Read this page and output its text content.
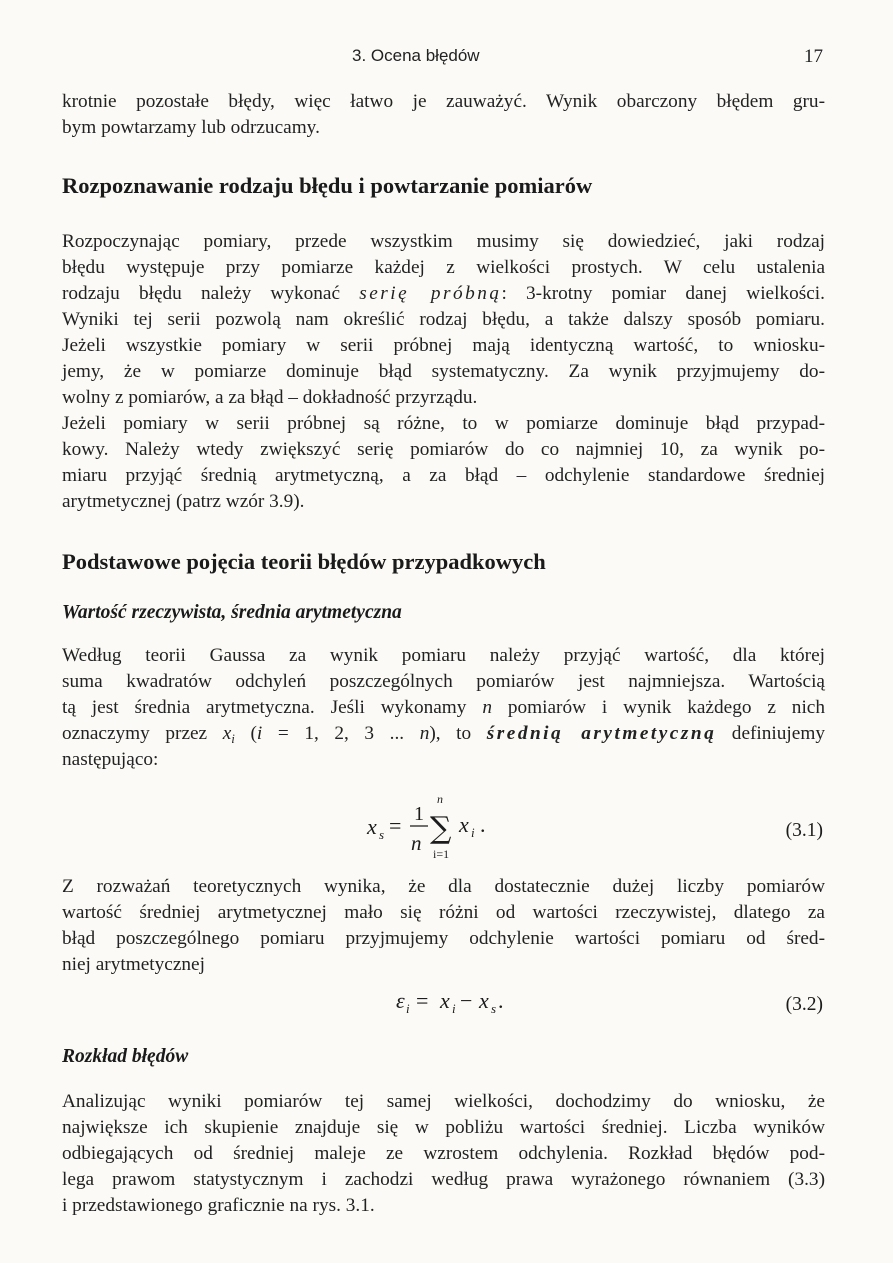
3. Ocena błędów	17
krotnie pozostałe błędy, więc łatwo je zauważyć. Wynik obarczony błędem gru-
bym powtarzamy lub odrzucamy.
Rozpoznawanie rodzaju błędu i powtarzanie pomiarów
Rozpoczynając pomiary, przede wszystkim musimy się dowiedzieć, jaki rodzaj
błędu występuje przy pomiarze każdej z wielkości prostych. W celu ustalenia
rodzaju błędu należy wykonać serię próbną: 3-krotny pomiar danej wielkości.
Wyniki tej serii pozwolą nam określić rodzaj błędu, a także dalszy sposób pomiaru.
Jeżeli wszystkie pomiary w serii próbnej mają identyczną wartość, to wniosku-
jemy, że w pomiarze dominuje błąd systematyczny. Za wynik przyjmujemy do-
wolny z pomiarów, a za błąd – dokładność przyrządu.
Jeżeli pomiary w serii próbnej są różne, to w pomiarze dominuje błąd przypad-
kowy. Należy wtedy zwiększyć serię pomiarów do co najmniej 10, za wynik po-
miaru przyjąć średnią arytmetyczną, a za błąd – odchylenie standardowe średniej
arytmetycznej (patrz wzór 3.9).
Podstawowe pojęcia teorii błędów przypadkowych
Wartość rzeczywista, średnia arytmetyczna
Według teorii Gaussa za wynik pomiaru należy przyjąć wartość, dla której
suma kwadratów odchyleń poszczególnych pomiarów jest najmniejsza. Wartością
tą jest średnia arytmetyczna. Jeśli wykonamy n pomiarów i wynik każdego z nich
oznaczymy przez $x_i$ (i = 1, 2, 3 ... n), to średnią arytmetyczną definiujemy
następująco:
x s = 1
n
n
∑
i=1
x i .	(3.1)
Z rozważań teoretycznych wynika, że dla dostatecznie dużej liczby pomiarów
wartość średniej arytmetycznej mało się różni od wartości rzeczywistej, dlatego za
błąd poszczególnego pomiaru przyjmujemy odchylenie wartości pomiaru od śred-
niej arytmetycznej
ε i = x i − x s .	(3.2)
Rozkład błędów
Analizując wyniki pomiarów tej samej wielkości, dochodzimy do wniosku, że
największe ich skupienie znajduje się w pobliżu wartości średniej. Liczba wyników
odbiegających od średniej maleje ze wzrostem odchylenia. Rozkład błędów pod-
lega prawom statystycznym i zachodzi według prawa wyrażonego równaniem (3.3)
i przedstawionego graficznie na rys. 3.1.
